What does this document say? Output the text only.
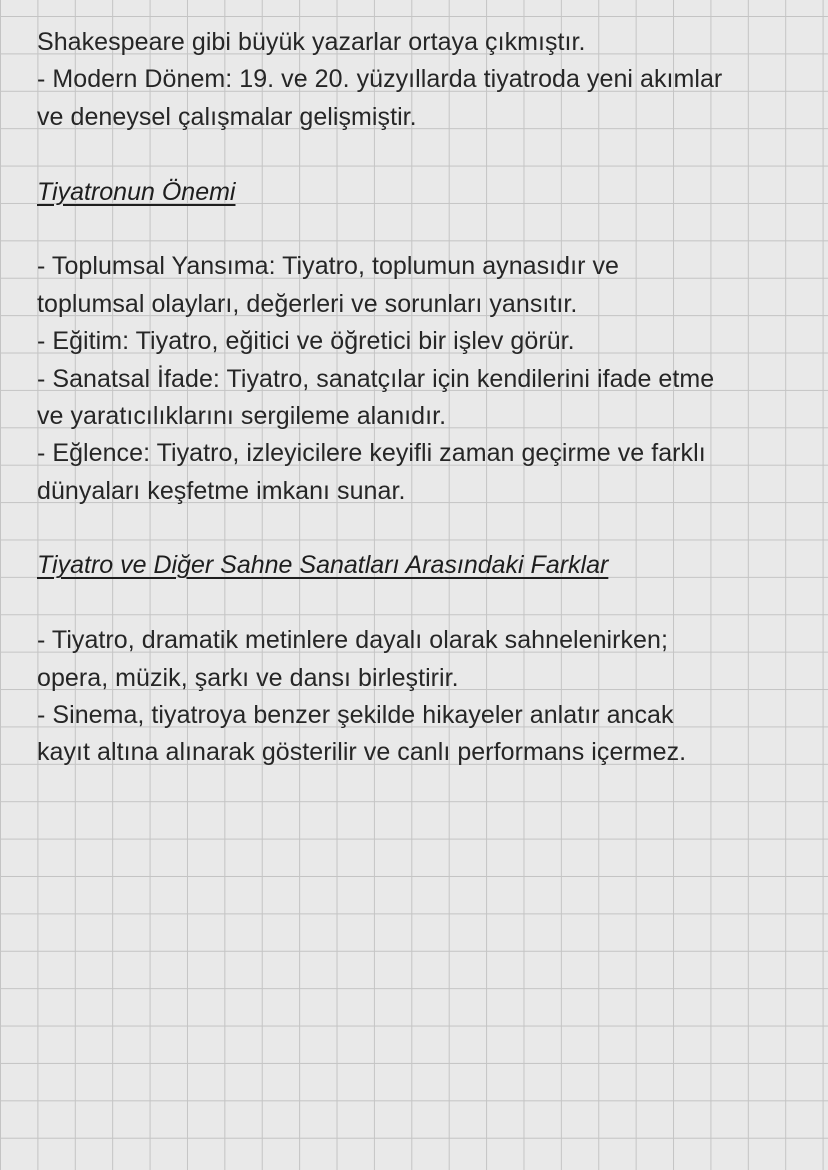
Shakespeare gibi büyük yazarlar ortaya çıkmıştır.
- Modern Dönem: 19. ve 20. yüzyıllarda tiyatroda yeni akımlar
ve deneysel çalışmalar gelişmiştir.
Tiyatronun Önemi
- Toplumsal Yansıma: Tiyatro, toplumun aynasıdır ve
toplumsal olayları, değerleri ve sorunları yansıtır.
- Eğitim: Tiyatro, eğitici ve öğretici bir işlev görür.
- Sanatsal İfade: Tiyatro, sanatçılar için kendilerini ifade etme
ve yaratıcılıklarını sergileme alanıdır.
- Eğlence: Tiyatro, izleyicilere keyifli zaman geçirme ve farklı
dünyaları keşfetme imkanı sunar.
Tiyatro ve Diğer Sahne Sanatları Arasındaki Farklar
- Tiyatro, dramatik metinlere dayalı olarak sahnelenirken;
opera, müzik, şarkı ve dansı birleştirir.
- Sinema, tiyatroya benzer şekilde hikayeler anlatır ancak
kayıt altına alınarak gösterilir ve canlı performans içermez.
